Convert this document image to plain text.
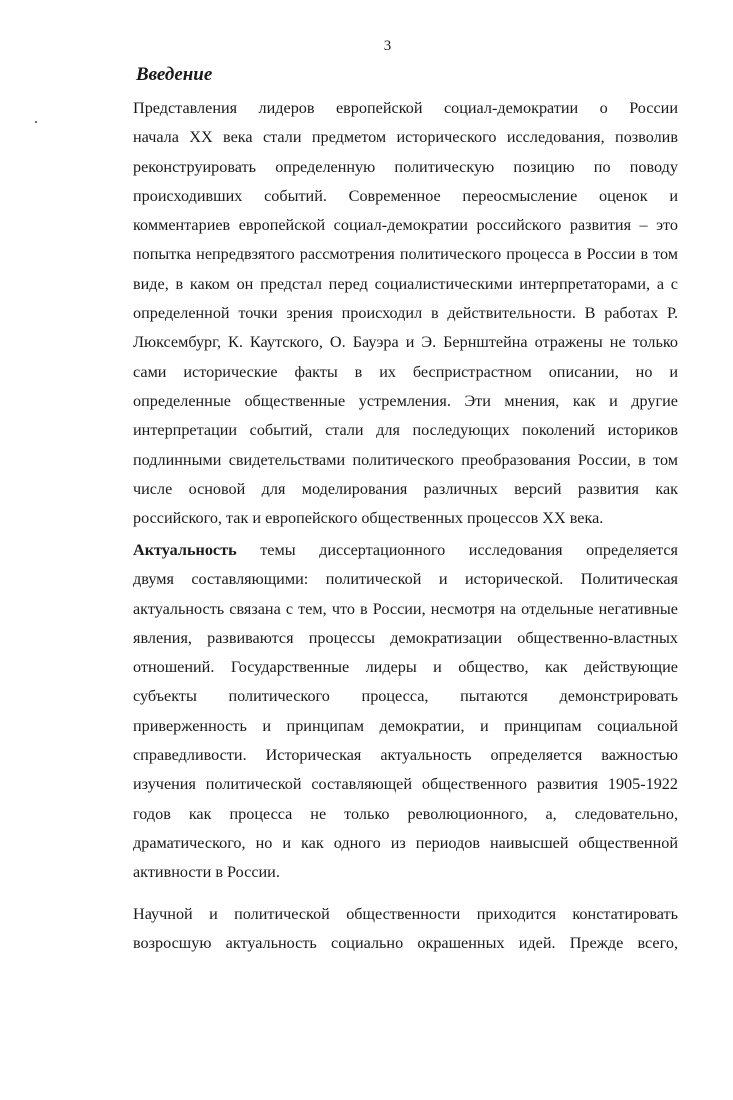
3
Введение
Представления лидеров европейской социал-демократии о России
начала XX века стали предметом исторического исследования, позволив
реконструировать определенную политическую позицию по поводу
происходивших событий. Современное переосмысление оценок и
комментариев европейской социал-демократии российского развития – это
попытка непредвзятого рассмотрения политического процесса в России в том
виде, в каком он предстал перед социалистическими интерпретаторами, а с
определенной точки зрения происходил в действительности. В работах Р.
Люксембург, К. Каутского, О. Бауэра и Э. Бернштейна отражены не только
сами исторические факты в их беспристрастном описании, но и
определенные общественные устремления. Эти мнения, как и другие
интерпретации событий, стали для последующих поколений историков
подлинными свидетельствами политического преобразования России, в том
числе основой для моделирования различных версий развития как
российского, так и европейского общественных процессов XX века.
Актуальность темы диссертационного исследования определяется
двумя составляющими: политической и исторической. Политическая
актуальность связана с тем, что в России, несмотря на отдельные негативные
явления, развиваются процессы демократизации общественно-властных
отношений. Государственные лидеры и общество, как действующие
субъекты политического процесса, пытаются демонстрировать
приверженность и принципам демократии, и принципам социальной
справедливости. Историческая актуальность определяется важностью
изучения политической составляющей общественного развития 1905-1922
годов как процесса не только революционного, а, следовательно,
драматического, но и как одного из периодов наивысшей общественной
активности в России.
Научной и политической общественности приходится констатировать
возросшую актуальность социально окрашенных идей. Прежде всего,
